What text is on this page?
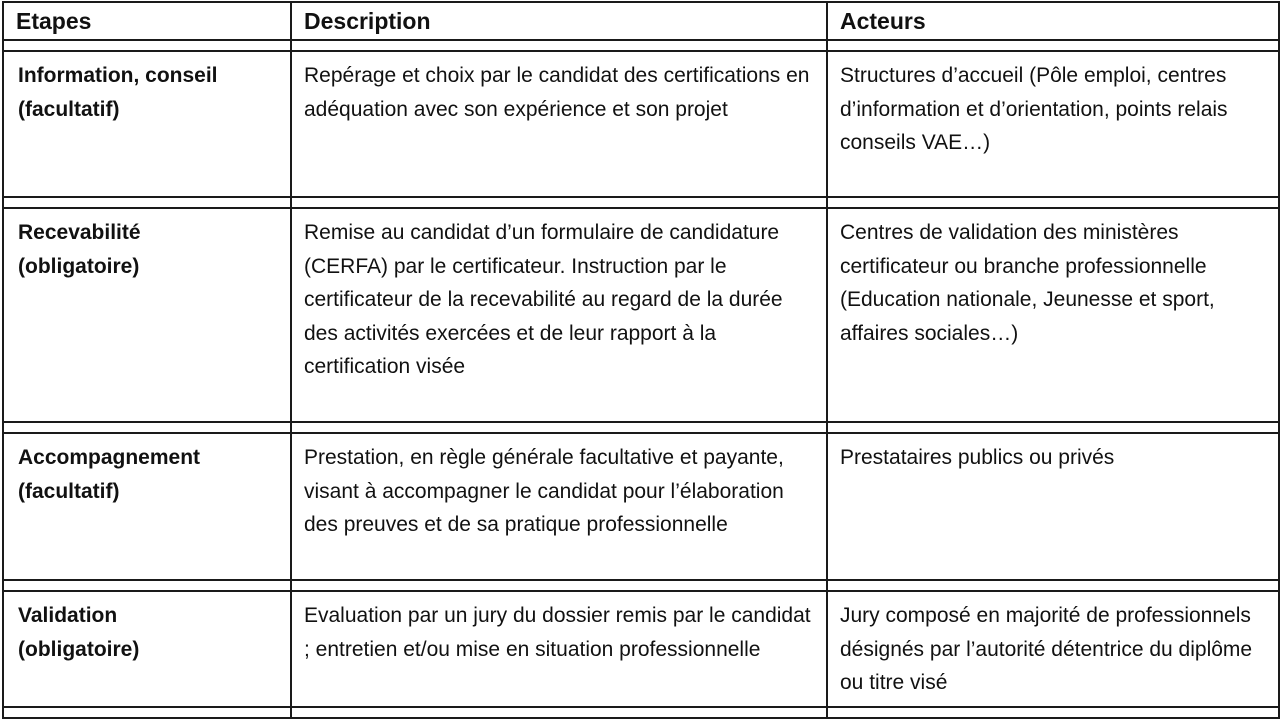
Etapes	Description	Acteurs

Information, conseil
(facultatif)	Repérage et choix par le candidat des certifications en adéquation avec son expérience et son projet	Structures d’accueil (Pôle emploi, centres d’information et d’orientation, points relais conseils VAE…)

Recevabilité
(obligatoire)	Remise au candidat d’un formulaire de candidature (CERFA) par le certificateur. Instruction par le certificateur de la recevabilité au regard de la durée des activités exercées et de leur rapport à la certification visée	Centres de validation des ministères certificateur ou branche professionnelle (Education nationale, Jeunesse et sport, affaires sociales…)

Accompagnement
(facultatif)	Prestation, en règle générale facultative et payante, visant à accompagner le candidat pour l’élaboration des preuves et de sa pratique professionnelle	Prestataires publics ou privés

Validation
(obligatoire)	Evaluation par un jury du dossier remis par le candidat ; entretien et/ou mise en situation professionnelle	Jury composé en majorité de professionnels désignés par l’autorité détentrice du diplôme ou titre visé
